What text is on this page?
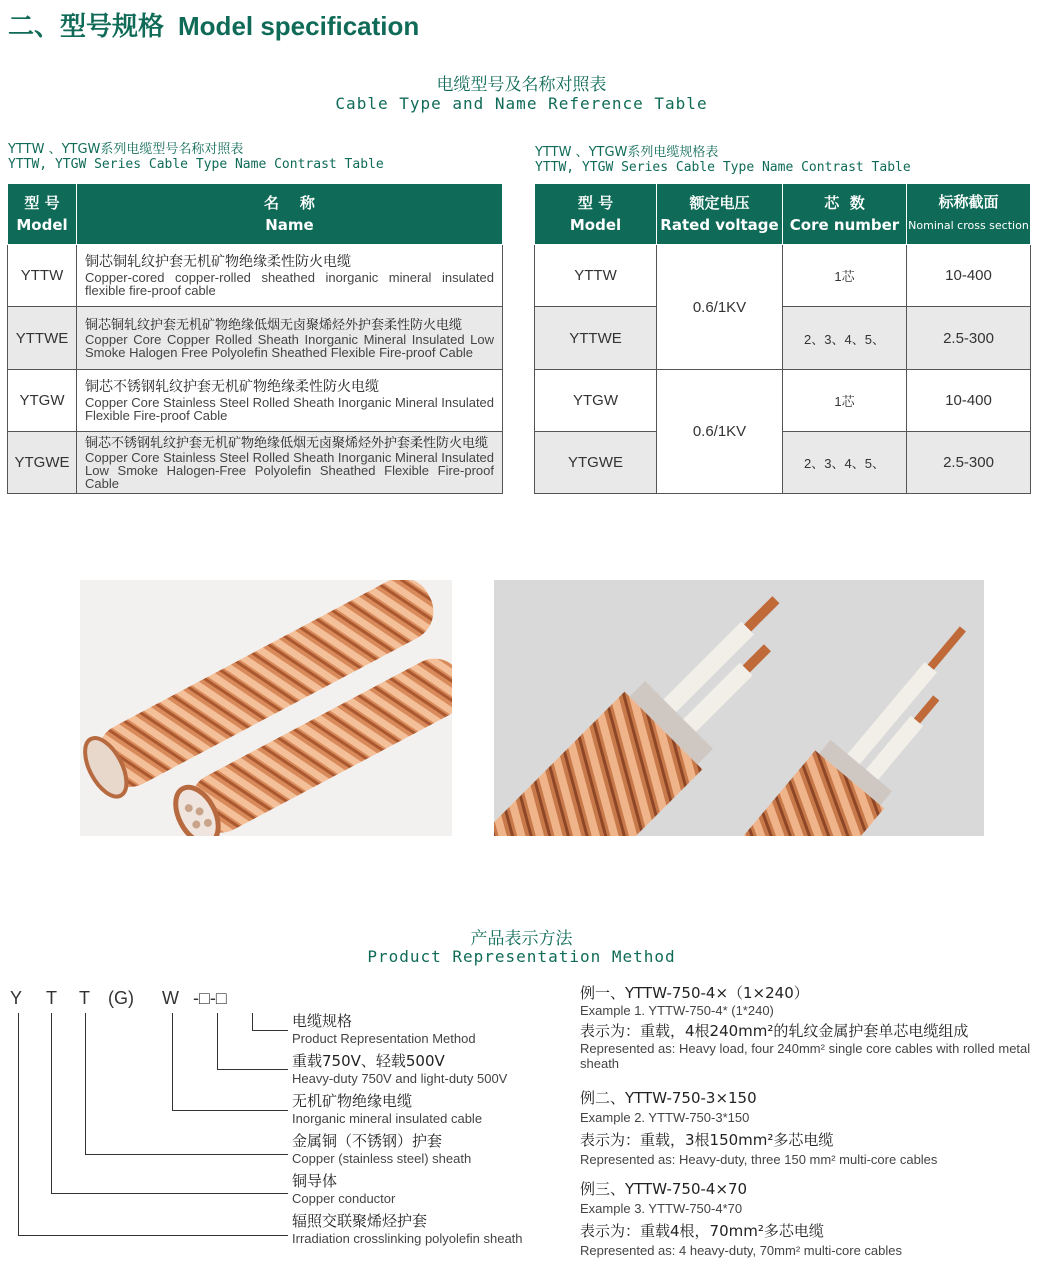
二、型号规格 Model specification
电缆型号及名称对照表
Cable Type and Name Reference Table
YTTW 、YTGW系列电缆型号名称对照表
YTTW, YTGW Series Cable Type Name Contrast Table
型 号
Model	名    称
Name
YTTW	铜芯铜轧纹护套无机矿物绝缘柔性防火电缆
Copper-cored copper-rolled sheathed inorganic mineral insulated flexible fire-proof cable

YTTWE	铜芯铜轧纹护套无机矿物绝缘低烟无卤聚烯烃外护套柔性防火电缆
Copper Core Copper Rolled Sheath Inorganic Mineral Insulated Low Smoke Halogen Free Polyolefin Sheathed Flexible Fire-proof Cable

YTGW	铜芯不锈钢轧纹护套无机矿物绝缘柔性防火电缆
Copper Core Stainless Steel Rolled Sheath Inorganic Mineral Insulated Flexible Fire-proof Cable

YTGWE	铜芯不锈钢轧纹护套无机矿物绝缘低烟无卤聚烯烃外护套柔性防火电缆
Copper Core Stainless Steel Rolled Sheath Inorganic Mineral Insulated Low Smoke Halogen-Free Polyolefin Sheathed Flexible Fire-proof Cable
YTTW 、YTGW系列电缆规格表
YTTW, YTGW Series Cable Type Name Contrast Table
型 号
Model	额定电压
Rated voltage	芯  数
Core number	标称截面
Nominal cross section
YTTW	0.6/1KV	1芯	10-400
YTTWE		2、3、4、5、	2.5-300
YTGW	0.6/1KV	1芯	10-400
YTGWE		2、3、4、5、	2.5-300
产品表示方法
Product Representation Method
Y T T (G) W -□-□
电缆规格
Product Representation Method
重载750V、轻载500V
Heavy-duty 750V and light-duty 500V
无机矿物绝缘电缆
Inorganic mineral insulated cable
金属铜（不锈钢）护套
Copper (stainless steel) sheath
铜导体
Copper conductor
辐照交联聚烯烃护套
Irradiation crosslinking polyolefin sheath
例一、YTTW-750-4×（1×240）
Example 1. YTTW-750-4* (1*240)
表示为：重载，4根240mm²的轧纹金属护套单芯电缆组成
Represented as: Heavy load, four 240mm² single core cables with rolled metal sheath
例二、YTTW-750-3×150
Example 2. YTTW-750-3*150
表示为：重载，3根150mm²多芯电缆
Represented as: Heavy-duty, three 150 mm² multi-core cables
例三、YTTW-750-4×70
Example 3. YTTW-750-4*70
表示为：重载4根，70mm²多芯电缆
Represented as: 4 heavy-duty, 70mm² multi-core cables
